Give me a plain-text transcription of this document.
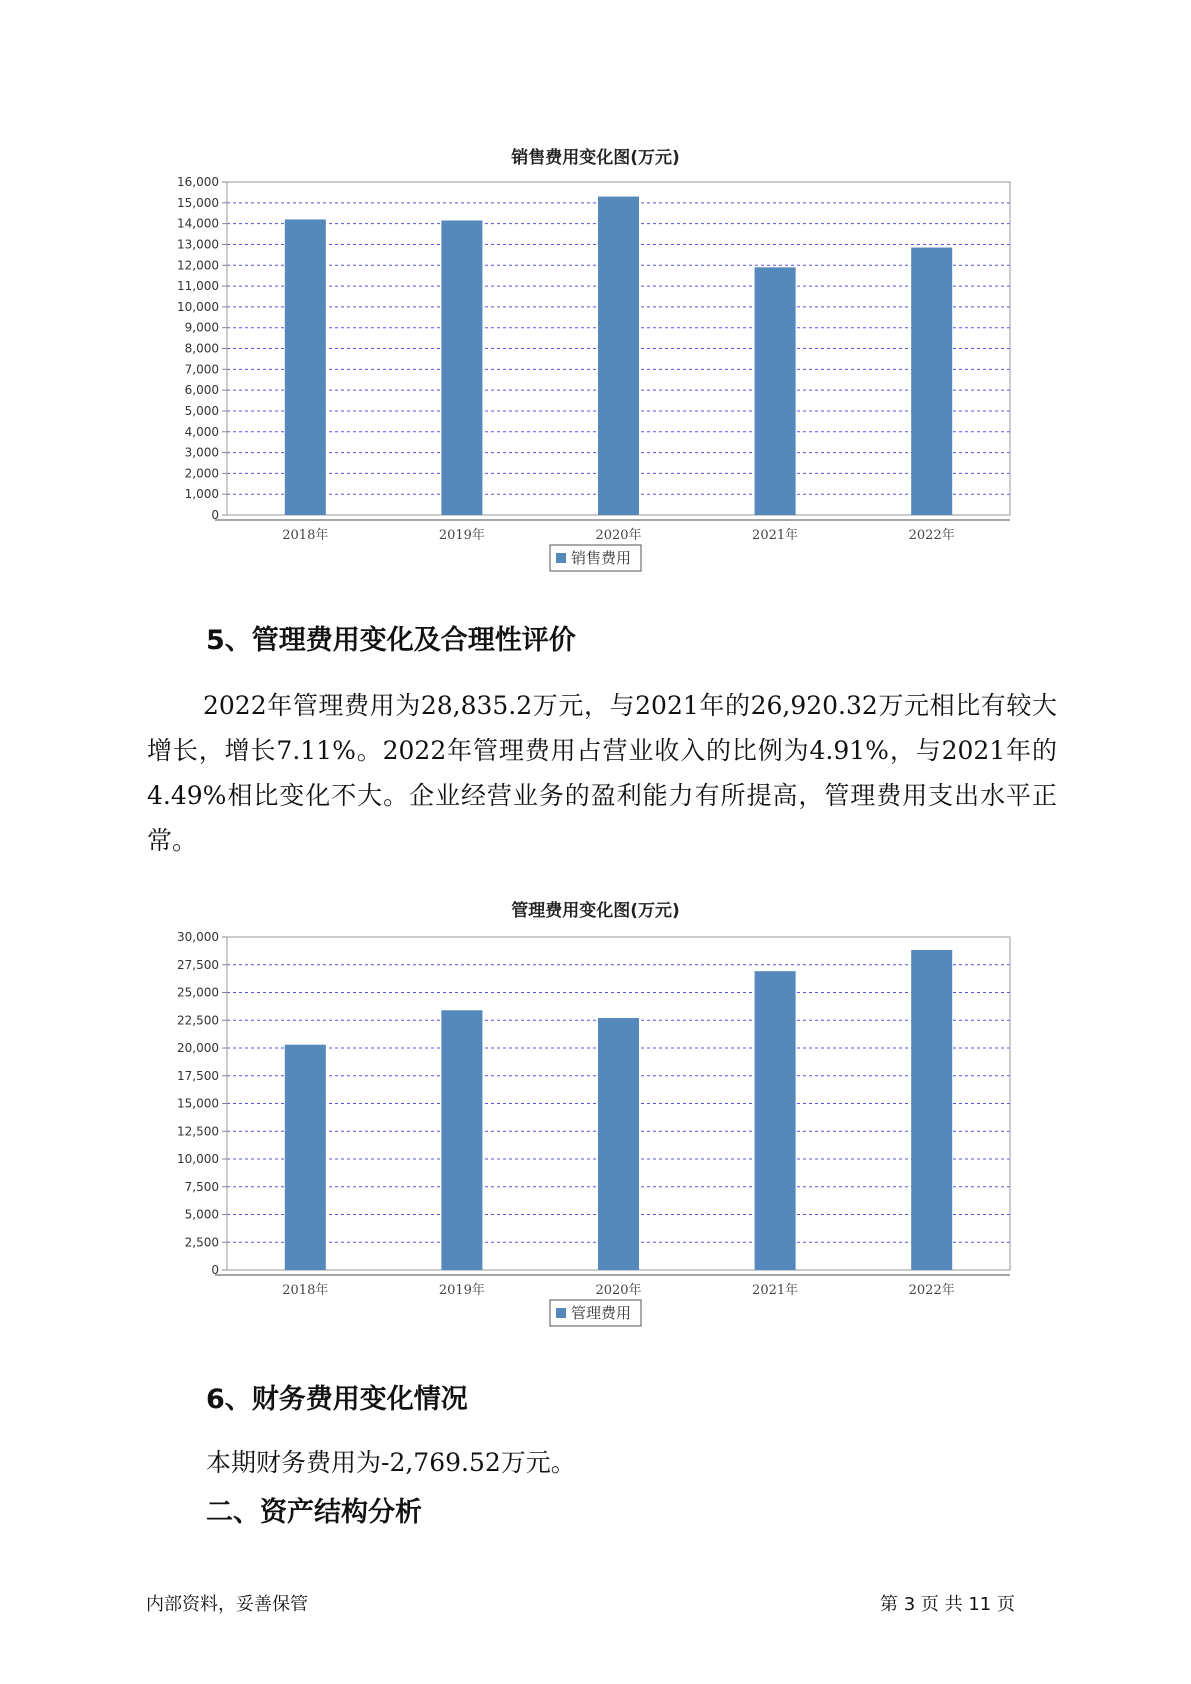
销售费用变化图(万元)
0
1,000
2,000
3,000
4,000
5,000
6,000
7,000
8,000
9,000
10,000
11,000
12,000
13,000
14,000
15,000
16,000
2018年	2019年	2020年	2021年	2022年
销售费用
5、管理费用变化及合理性评价

2022年管理费用为28,835.2万元，与2021年的26,920.32万元相比有较大增长，增长7.11%。2022年管理费用占营业收入的比例为4.91%，与2021年的4.49%相比变化不大。企业经营业务的盈利能力有所提高，管理费用支出水平正常。

管理费用变化图(万元)
0
2,500
5,000
7,500
10,000
12,500
15,000
17,500
20,000
22,500
25,000
27,500
30,000
2018年	2019年	2020年	2021年	2022年
管理费用
6、财务费用变化情况

本期财务费用为-2,769.52万元。

二、资产结构分析
内部资料，妥善保管	第 3 页 共 11 页
